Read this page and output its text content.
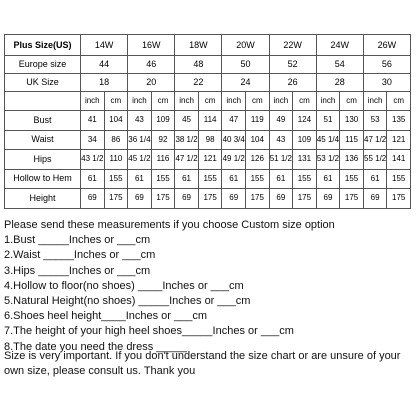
Plus Size(US)	14W		16W		18W		20W		22W		24W		26W	
Europe size	44		46		48		50		52		54		56	
UK Size	18		20		22		24		26		28		30	
	inch	cm	inch	cm	inch	cm	inch	cm	inch	cm	inch	cm	inch	cm
Bust	41	104	43	109	45	114	47	119	49	124	51	130	53	135
Waist	34	86	36 1/4	92	38 1/2	98	40 3/4	104	43	109	45 1/4	115	47 1/2	121
Hips	43 1/2	110	45 1/2	116	47 1/2	121	49 1/2	126	51 1/2	131	53 1/2	136	55 1/2	141
Hollow to Hem	61	155	61	155	61	155	61	155	61	155	61	155	61	155
Height	69	175	69	175	69	175	69	175	69	175	69	175	69	175
Please send these measurements if you choose Custom size option
1.Bust _____Inches or ___cm
2.Waist _____Inches or ___cm
3.Hips _____Inches or ___cm
4.Hollow to floor(no shoes) ____Inches or ___cm
5.Natural Height(no shoes) _____Inches or ___cm
6.Shoes heel height____Inches or ___cm
7.The height of your high heel shoes_____Inches or ___cm
8.The date you need the dress _____
Size is very important. If you don't understand the size chart or are unsure of your own size, please consult us. Thank you
